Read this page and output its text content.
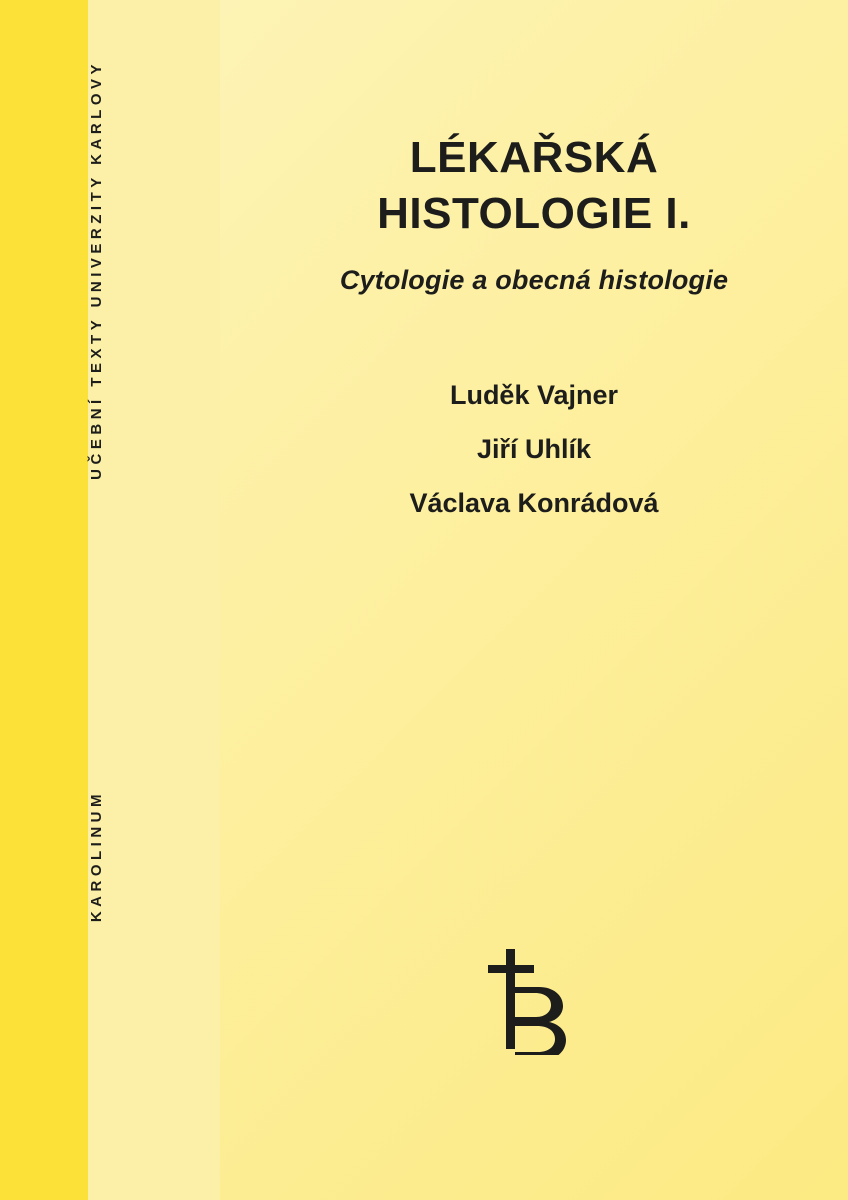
UČEBNÍ TEXTY UNIVERZITY KARLOVY
KAROLINUM
LÉKAŘSKÁ
HISTOLOGIE I.
Cytologie a obecná histologie
Luděk Vajner
Jiří Uhlík
Václava Konrádová
